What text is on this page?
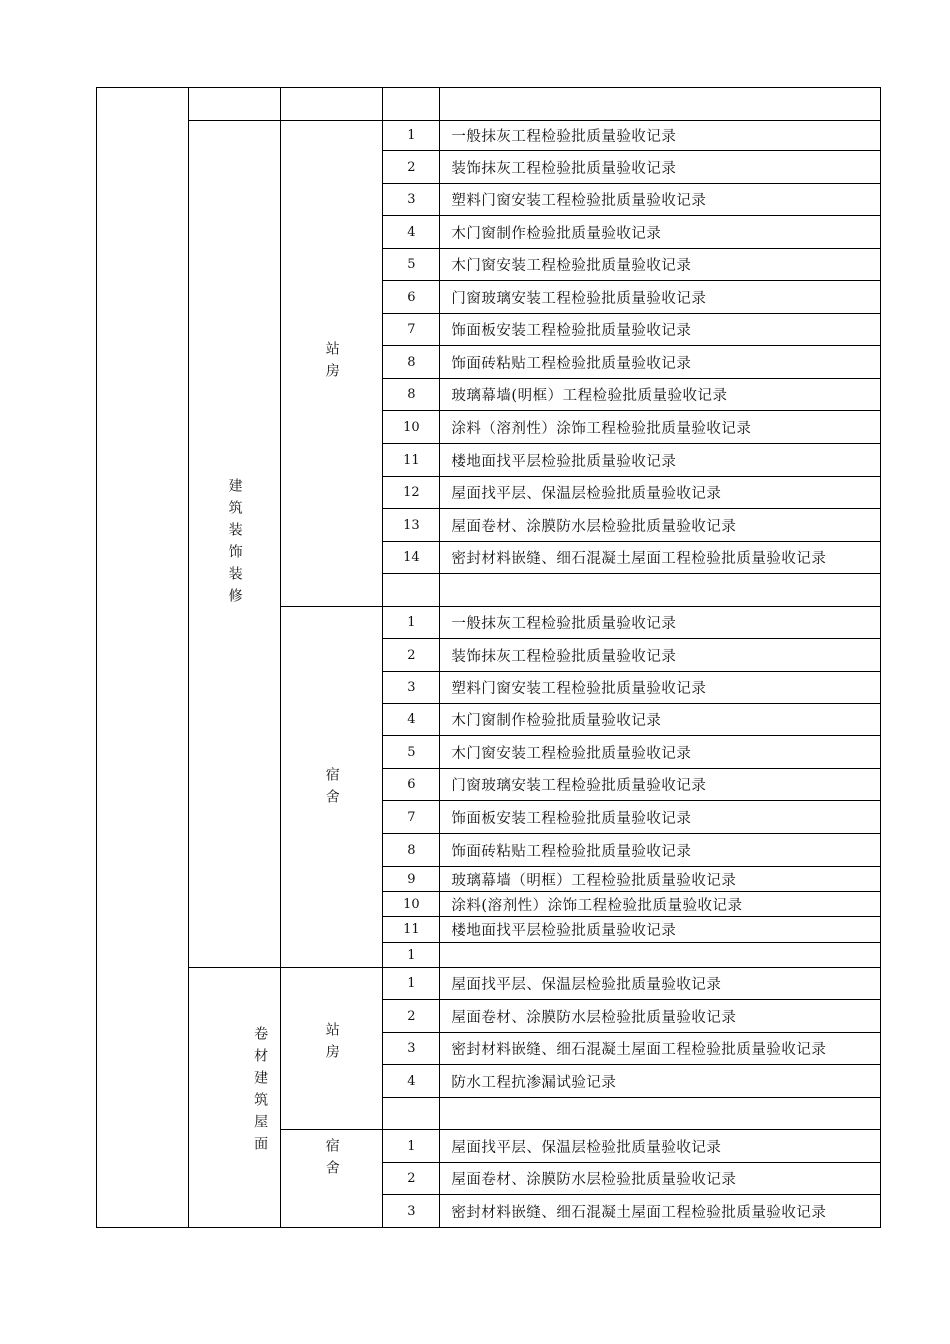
	建筑装饰装修	站房	1	一般抹灰工程检验批质量验收记录
			2	装饰抹灰工程检验批质量验收记录
			3	塑料门窗安装工程检验批质量验收记录
			4	木门窗制作检验批质量验收记录
			5	木门窗安装工程检验批质量验收记录
			6	门窗玻璃安装工程检验批质量验收记录
			7	饰面板安装工程检验批质量验收记录
			8	饰面砖粘贴工程检验批质量验收记录
			8	玻璃幕墙(明框）工程检验批质量验收记录
			10	涂料（溶剂性）涂饰工程检验批质量验收记录
			11	楼地面找平层检验批质量验收记录
			12	屋面找平层、保温层检验批质量验收记录
			13	屋面卷材、涂膜防水层检验批质量验收记录
			14	密封材料嵌缝、细石混凝土屋面工程检验批质量验收记录

		宿舍	1	一般抹灰工程检验批质量验收记录
			2	装饰抹灰工程检验批质量验收记录
			3	塑料门窗安装工程检验批质量验收记录
			4	木门窗制作检验批质量验收记录
			5	木门窗安装工程检验批质量验收记录
			6	门窗玻璃安装工程检验批质量验收记录
			7	饰面板安装工程检验批质量验收记录
			8	饰面砖粘贴工程检验批质量验收记录
			9	玻璃幕墙（明框）工程检验批质量验收记录
			10	涂料(溶剂性）涂饰工程检验批质量验收记录
			11	楼地面找平层检验批质量验收记录
			1	

	卷材建筑屋面	站房	1	屋面找平层、保温层检验批质量验收记录
			2	屋面卷材、涂膜防水层检验批质量验收记录
			3	密封材料嵌缝、细石混凝土屋面工程检验批质量验收记录
			4	防水工程抗渗漏试验记录

		宿舍	1	屋面找平层、保温层检验批质量验收记录
			2	屋面卷材、涂膜防水层检验批质量验收记录
			3	密封材料嵌缝、细石混凝土屋面工程检验批质量验收记录
